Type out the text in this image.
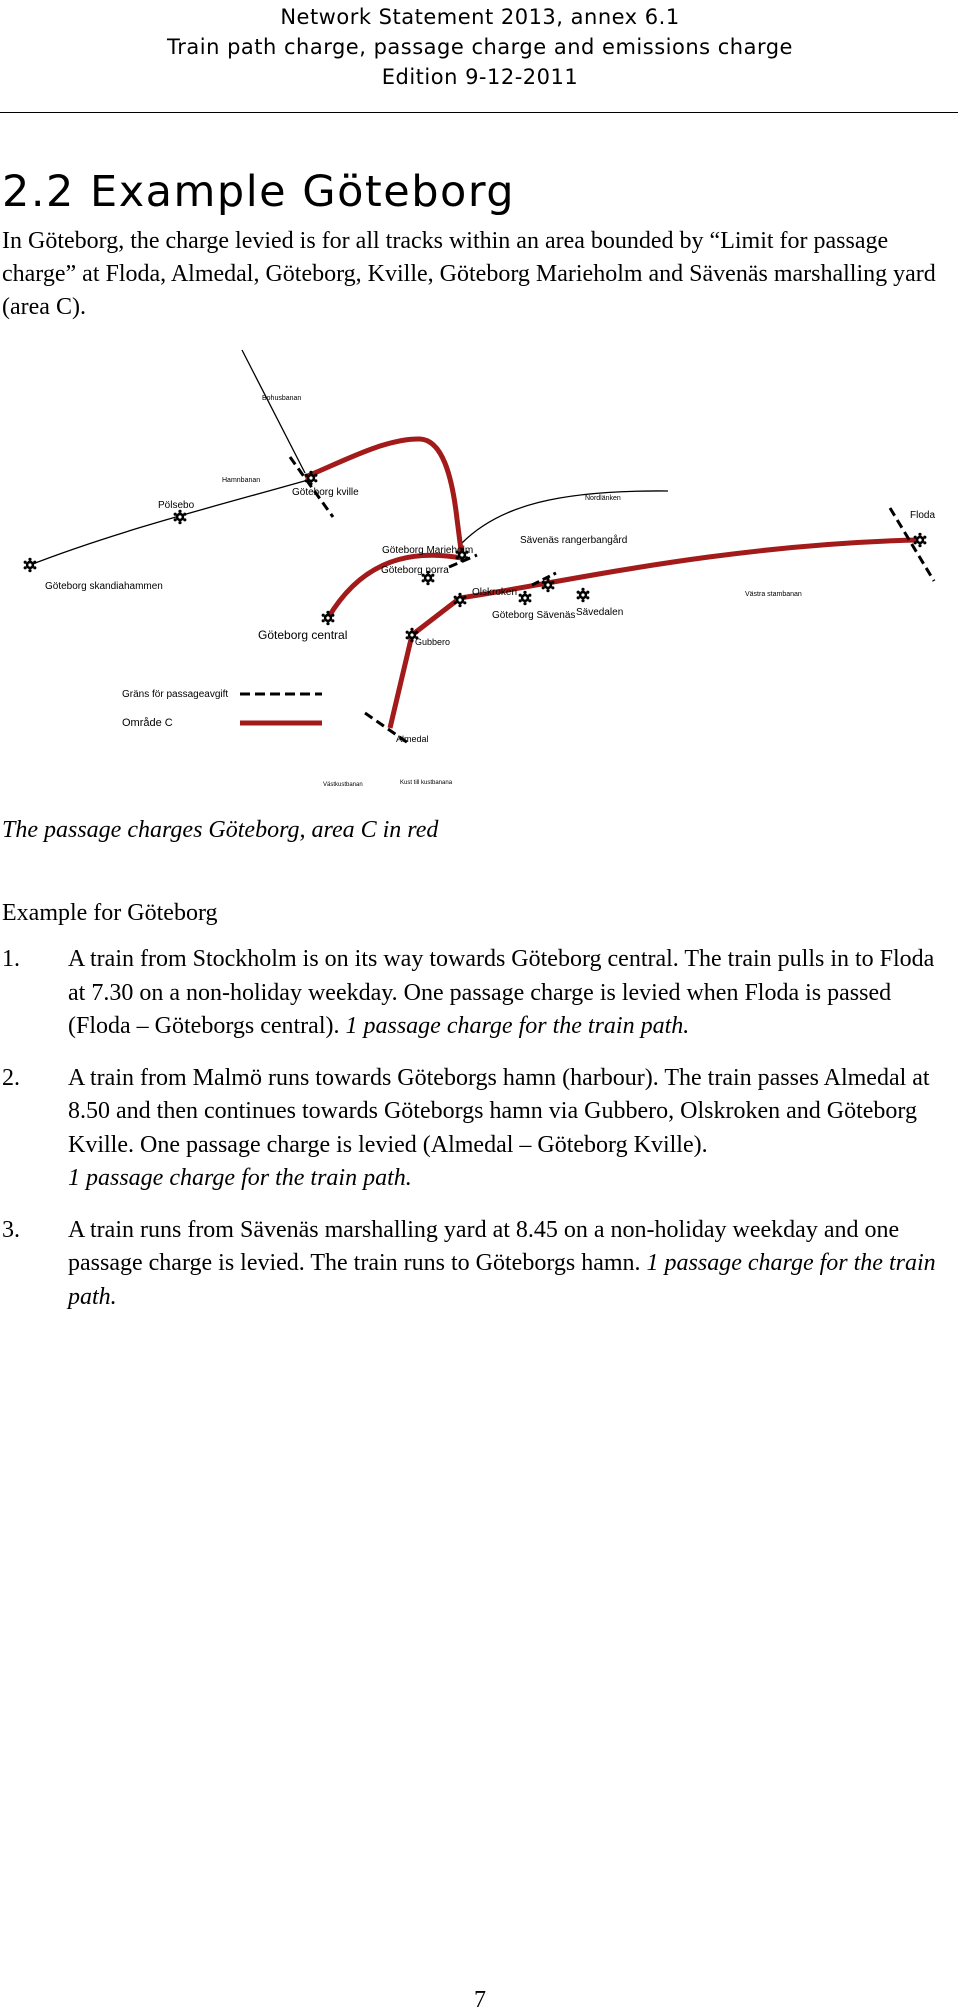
Network Statement 2013, annex 6.1
Train path charge, passage charge and emissions charge
Edition 9-12-2011
2.2 Example Göteborg

In Göteborg, the charge levied is for all tracks within an area bounded by “Limit for passage charge” at Floda, Almedal, Göteborg, Kville, Göteborg Marieholm and Sävenäs marshalling yard (area C).

Bohusbanan
Hamnbanan
Pölsebo
Göteborg kville
Nordlänken
Floda
Göteborg skandiahammen
Göteborg Marieholm
Göteborg norra
Sävenäs rangerbangård
Olskroken	Västra stambanan
Göteborg Sävenäs Sävedalen
Göteborg central	Gubbero
Gräns för passageavgift
Område C
Almedal
Västkustbanan	Kust till kustbanana

The passage charges Göteborg, area C in red

Example for Göteborg

1. A train from Stockholm is on its way towards Göteborg central. The train pulls in to Floda at 7.30 on a non-holiday weekday. One passage charge is levied when Floda is passed (Floda – Göteborgs central). 1 passage charge for the train path.
2. A train from Malmö runs towards Göteborgs hamn (harbour). The train passes Almedal at 8.50 and then continues towards Göteborgs hamn via Gubbero, Olskroken and Göteborg Kville. One passage charge is levied (Almedal – Göteborg Kville).
1 passage charge for the train path.
3. A train runs from Sävenäs marshalling yard at 8.45 on a non-holiday weekday and one passage charge is levied. The train runs to Göteborgs hamn. 1 passage charge for the train path.
7
